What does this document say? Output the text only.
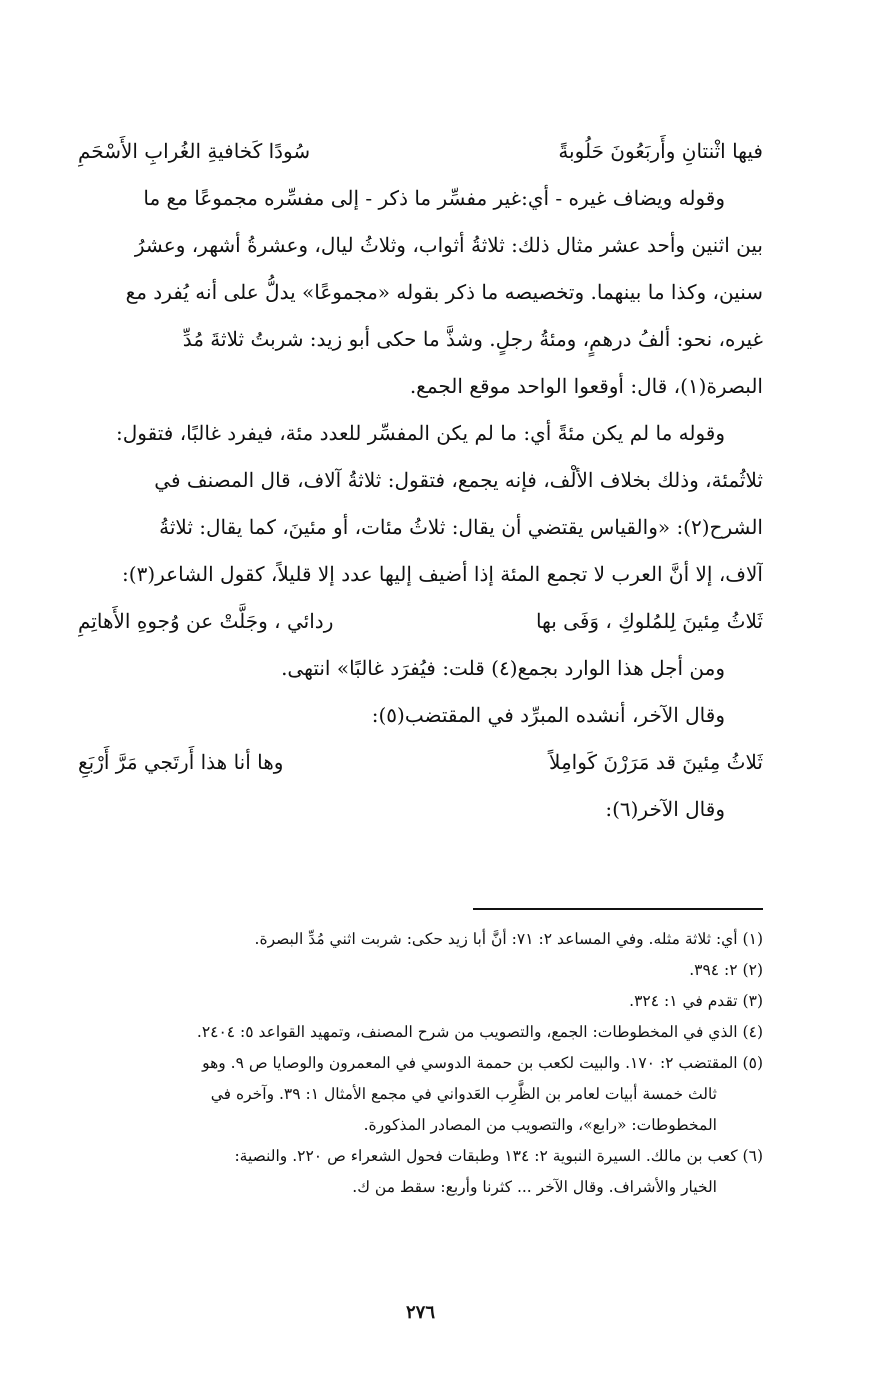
فيها اثْنتانِ وأَربَعُونَ حَلُوبةً
سُودًا كَخافيةِ الغُرابِ الأَسْحَمِ
وقوله ويضاف غيره - أي:غير مفسِّر ما ذكر - إلى مفسِّره مجموعًا مع ما
بين اثنين وأحد عشر مثال ذلك: ثلاثةُ أثواب، وثلاثُ ليال، وعشرةُ أشهر، وعشرُ
سنين، وكذا ما بينهما. وتخصيصه ما ذكر بقوله «مجموعًا» يدلُّ على أنه يُفرد مع
غيره، نحو: ألفُ درهمٍ، ومئةُ رجلٍ. وشذَّ ما حكى أبو زيد: شربتُ ثلاثةَ مُدِّ
البصرة(١)، قال: أوقعوا الواحد موقع الجمع.
وقوله ما لم يكن مئةً أي: ما لم يكن المفسِّر للعدد مئة، فيفرد غالبًا، فتقول:
ثلاثُمئة، وذلك بخلاف الألْف، فإنه يجمع، فتقول: ثلاثةُ آلاف، قال المصنف في
الشرح(٢): «والقياس يقتضي أن يقال: ثلاثُ مئات، أو مئينَ، كما يقال: ثلاثةُ
آلاف، إلا أنَّ العرب لا تجمع المئة إذا أضيف إليها عدد إلا قليلاً، كقول الشاعر(٣):
ثَلاثُ مِئينَ لِلمُلوكِ ، وَفَى بها
ردائي ، وجَلَّتْ عن وُجوهِ الأَهاتِمِ
ومن أجل هذا الوارد بجمع(٤) قلت: فيُفرَد غالبًا» انتهى.
وقال الآخر، أنشده المبرِّد في المقتضب(٥):
ثَلاثُ مِئينَ قد مَرَرْنَ كَوامِلاً
وها أنا هذا أَرتَجي مَرَّ أَرْبَعِ
وقال الآخر(٦):
(١) أي: ثلاثة مثله. وفي المساعد ٢: ٧١: أنَّ أبا زيد حكى: شربت اثني مُدِّ البصرة.
(٢) ٢: ٣٩٤.
(٣) تقدم في ١: ٣٢٤.
(٤) الذي في المخطوطات: الجمع، والتصويب من شرح المصنف، وتمهيد القواعد ٥: ٢٤٠٤.
(٥) المقتضب ٢: ١٧٠. والبيت لكعب بن حممة الدوسي في المعمرون والوصايا ص ٩. وهو
ثالث خمسة أبيات لعامر بن الظَّرِب العَدواني في مجمع الأمثال ١: ٣٩. وآخره في
المخطوطات: «رابع»، والتصويب من المصادر المذكورة.
(٦) كعب بن مالك. السيرة النبوية ٢: ١٣٤ وطبقات فحول الشعراء ص ٢٢٠. والنصية:
الخيار والأشراف. وقال الآخر ... كثرنا وأربع: سقط من ك.
٢٧٦
